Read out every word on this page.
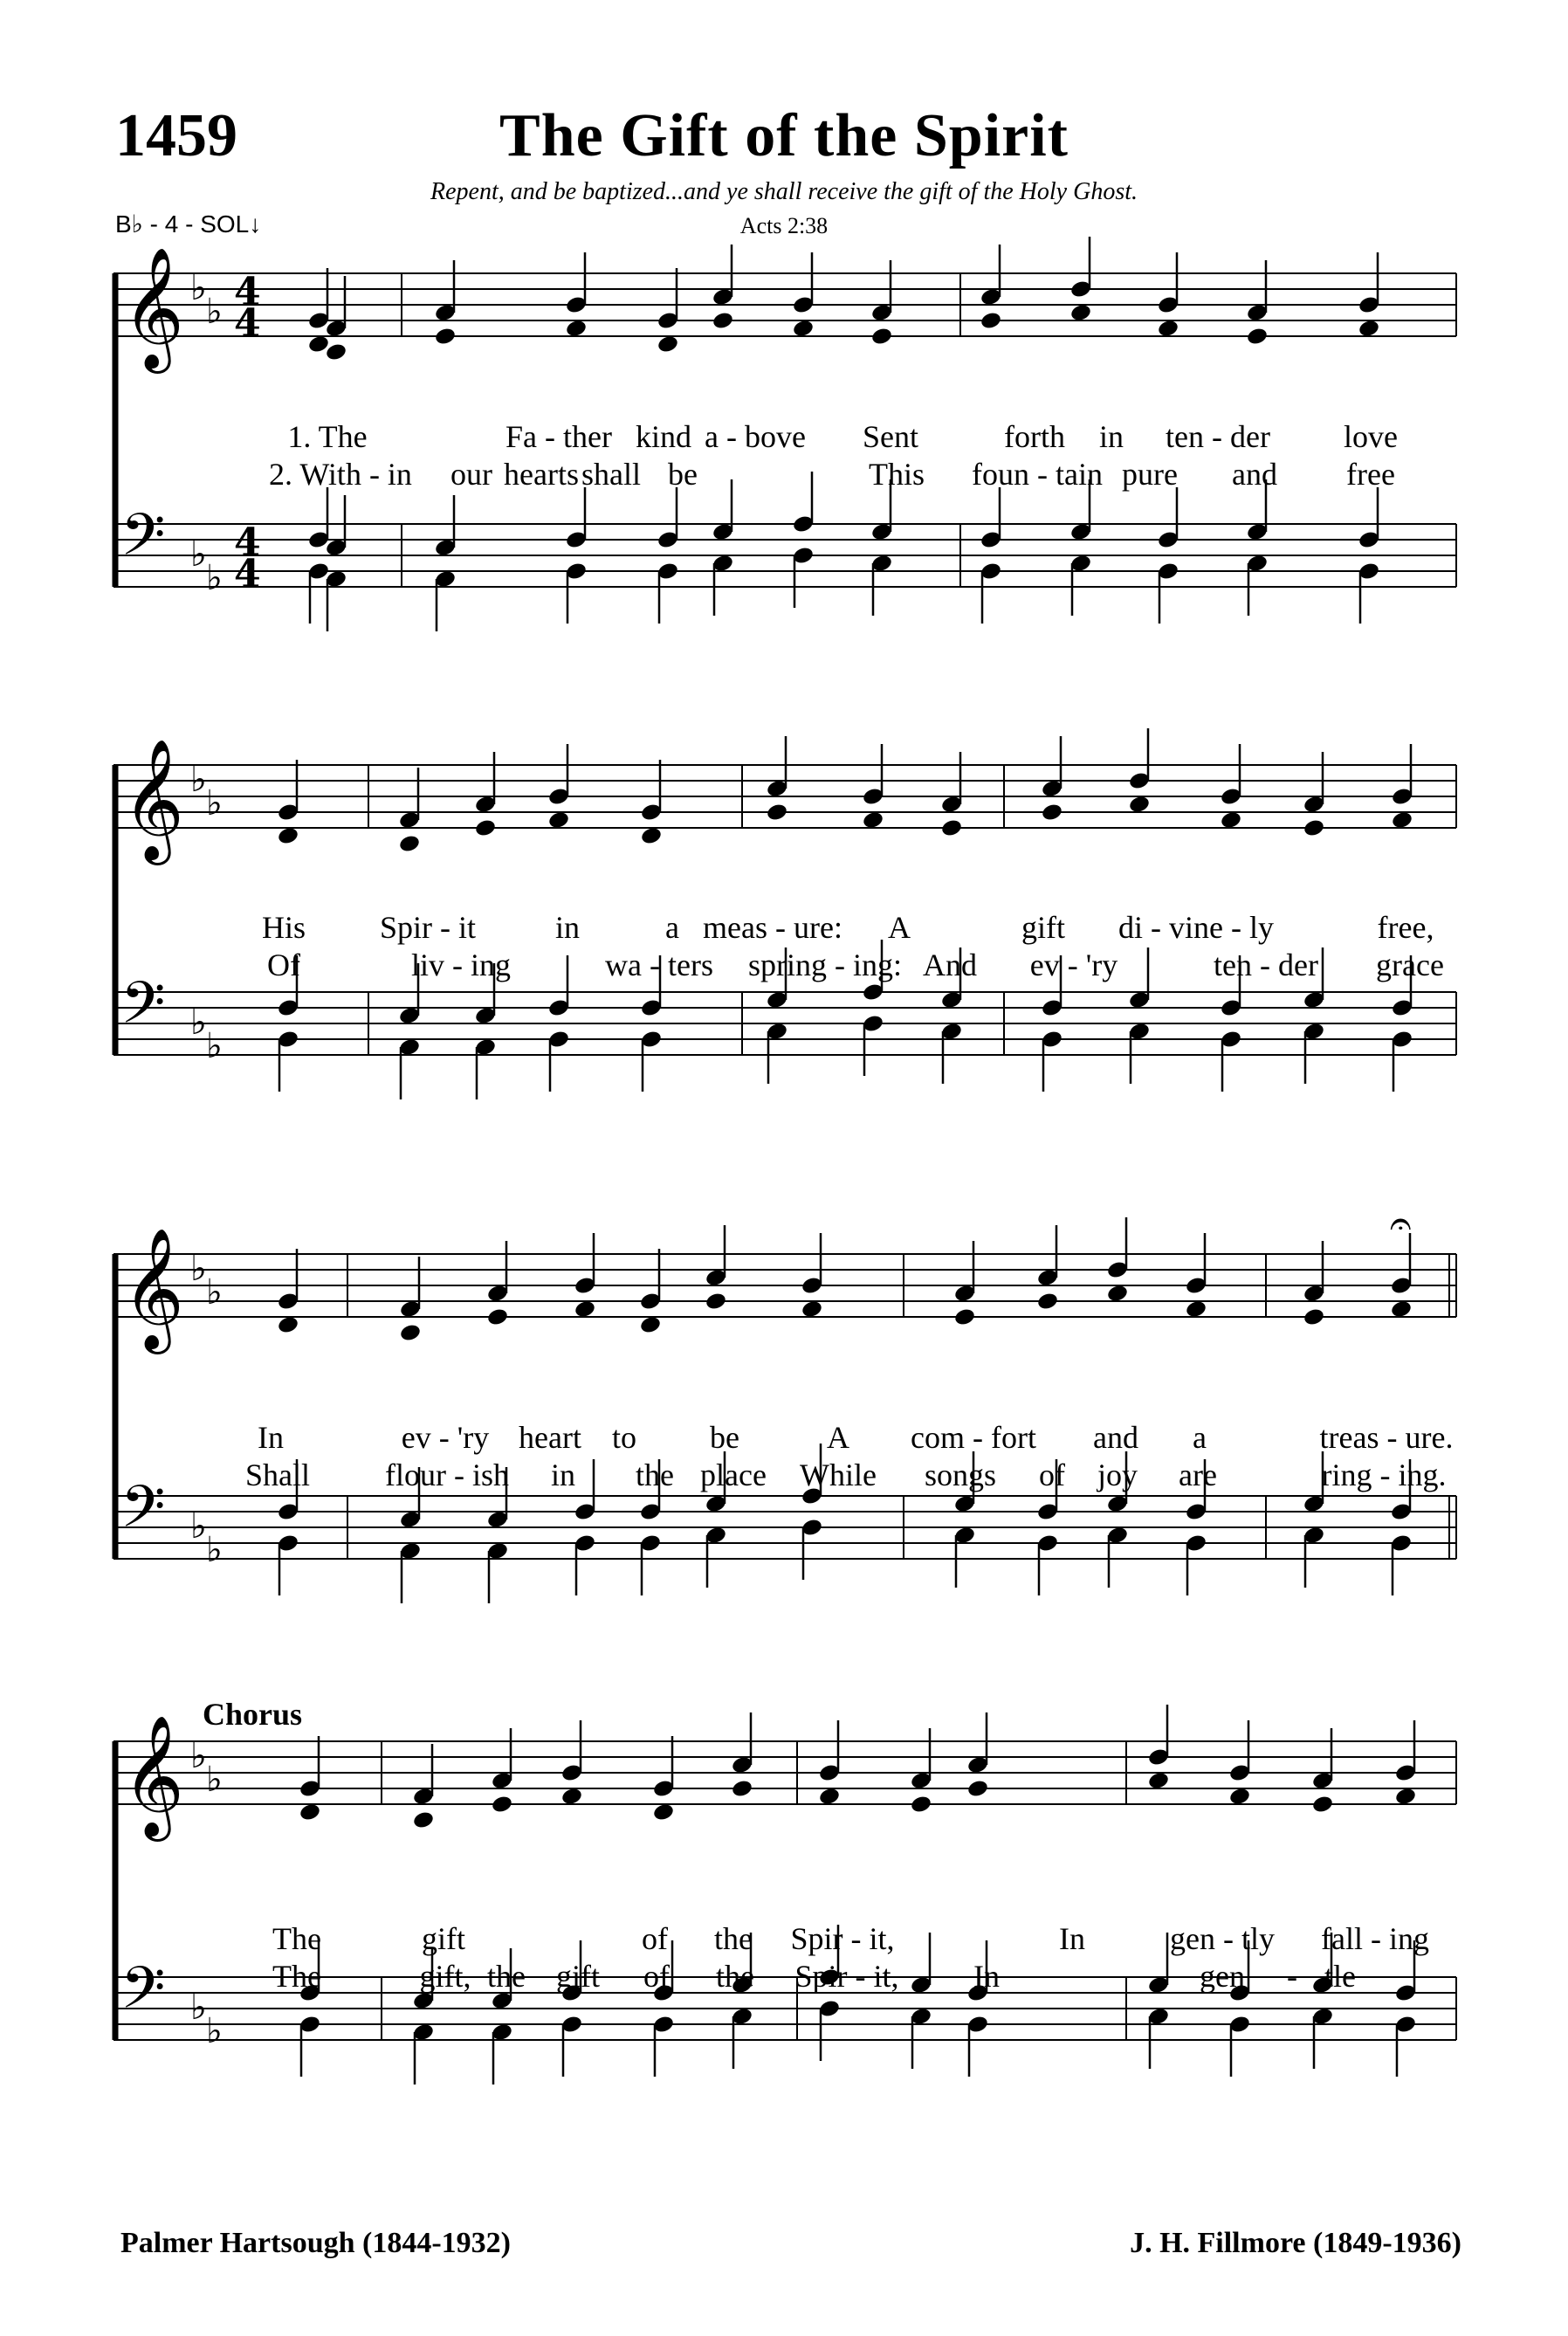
1459	The Gift of the Spirit
Repent, and be baptized...and ye shall receive the gift of the Holy Ghost.
B♭ - 4 - SOL↓	Acts 2:38
Chorus
Palmer Hartsough (1844-1932)	J. H. Fillmore (1849-1936)
𝄞
𝄢
♭
♭
♭
♭
4
4
4
4
1. The	Fa - ther kind a - bove Sent	forth in ten - der love
2. With - in our hearts shall be	This foun - tain pure and free
𝄞
𝄢
♭
♭
♭
♭
His Spir - it	in	a meas - ure: A	gift di - vine - ly	free,
Of	liv - ing	wa - ters spring - ing: And ev - 'ry	ten - der grace
𝄞
𝄢
♭
♭
♭
♭
𝄐
In	ev - 'ry heart to be	A com - fort and a	treas - ure.
Shall flour - ish in the place While songs of joy are	ring - ing.
𝄞
𝄢
♭
♭
♭
♭
The	gift	of the Spir - it,	In	gen - tly fall - ing
The	gift, the gift of the Spir - it, In	gen - tle
